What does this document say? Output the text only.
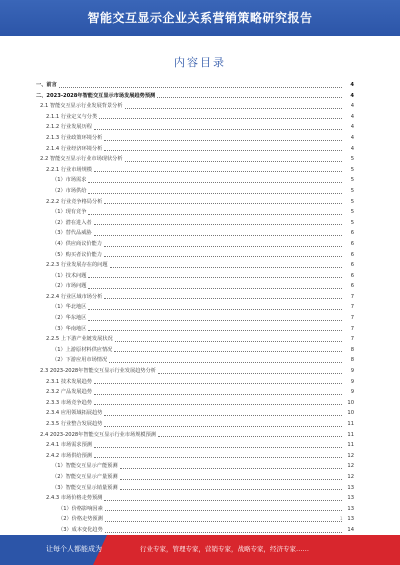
智能交互显示企业关系营销策略研究报告
内容目录
一、前言	4
二、2023-2028年智能交互显示市场发展趋势预测	4
2.1 智能交互显示行业发展背景分析	4
2.1.1 行业定义与分类	4
2.1.2 行业发展历程	4
2.1.3 行业政策环境分析	4
2.1.4 行业经济环境分析	4
2.2 智能交互显示行业市场现状分析	5
2.2.1 行业市场规模	5
（1）市场需求	5
（2）市场供给	5
2.2.2 行业竞争格局分析	5
（1）现有竞争	5
（2）潜在进入者	5
（3）替代品威胁	6
（4）供应商议价能力	6
（5）购买者议价能力	6
2.2.3 行业发展存在的问题	6
（1）技术问题	6
（2）市场问题	6
2.2.4 行业区域市场分析	7
（1）华北地区	7
（2）华东地区	7
（3）华南地区	7
2.2.5 上下游产业链发展状况	7
（1）上游原材料供应情况	8
（2）下游应用市场情况	8
2.3 2023-2028年智能交互显示行业发展趋势分析	9
2.3.1 技术发展趋势	9
2.3.2 产品发展趋势	9
2.3.3 市场竞争趋势	10
2.3.4 应用领域拓展趋势	10
2.3.5 行业整合发展趋势	11
2.4 2023-2028年智能交互显示行业市场规模预测	11
2.4.1 市场需求预测	11
2.4.2 市场供给预测	12
（1）智能交互显示产能预测	12
（2）智能交互显示产量预测	12
（3）智能交互显示销量预测	13
2.4.3 市场价格走势预测	13
（1）价格影响因素	13
（2）价格走势预测	13
（3）成本变化趋势	14
1
让每个人都能成为	行业专家，管理专家，营销专家，战略专家，经济专家……
